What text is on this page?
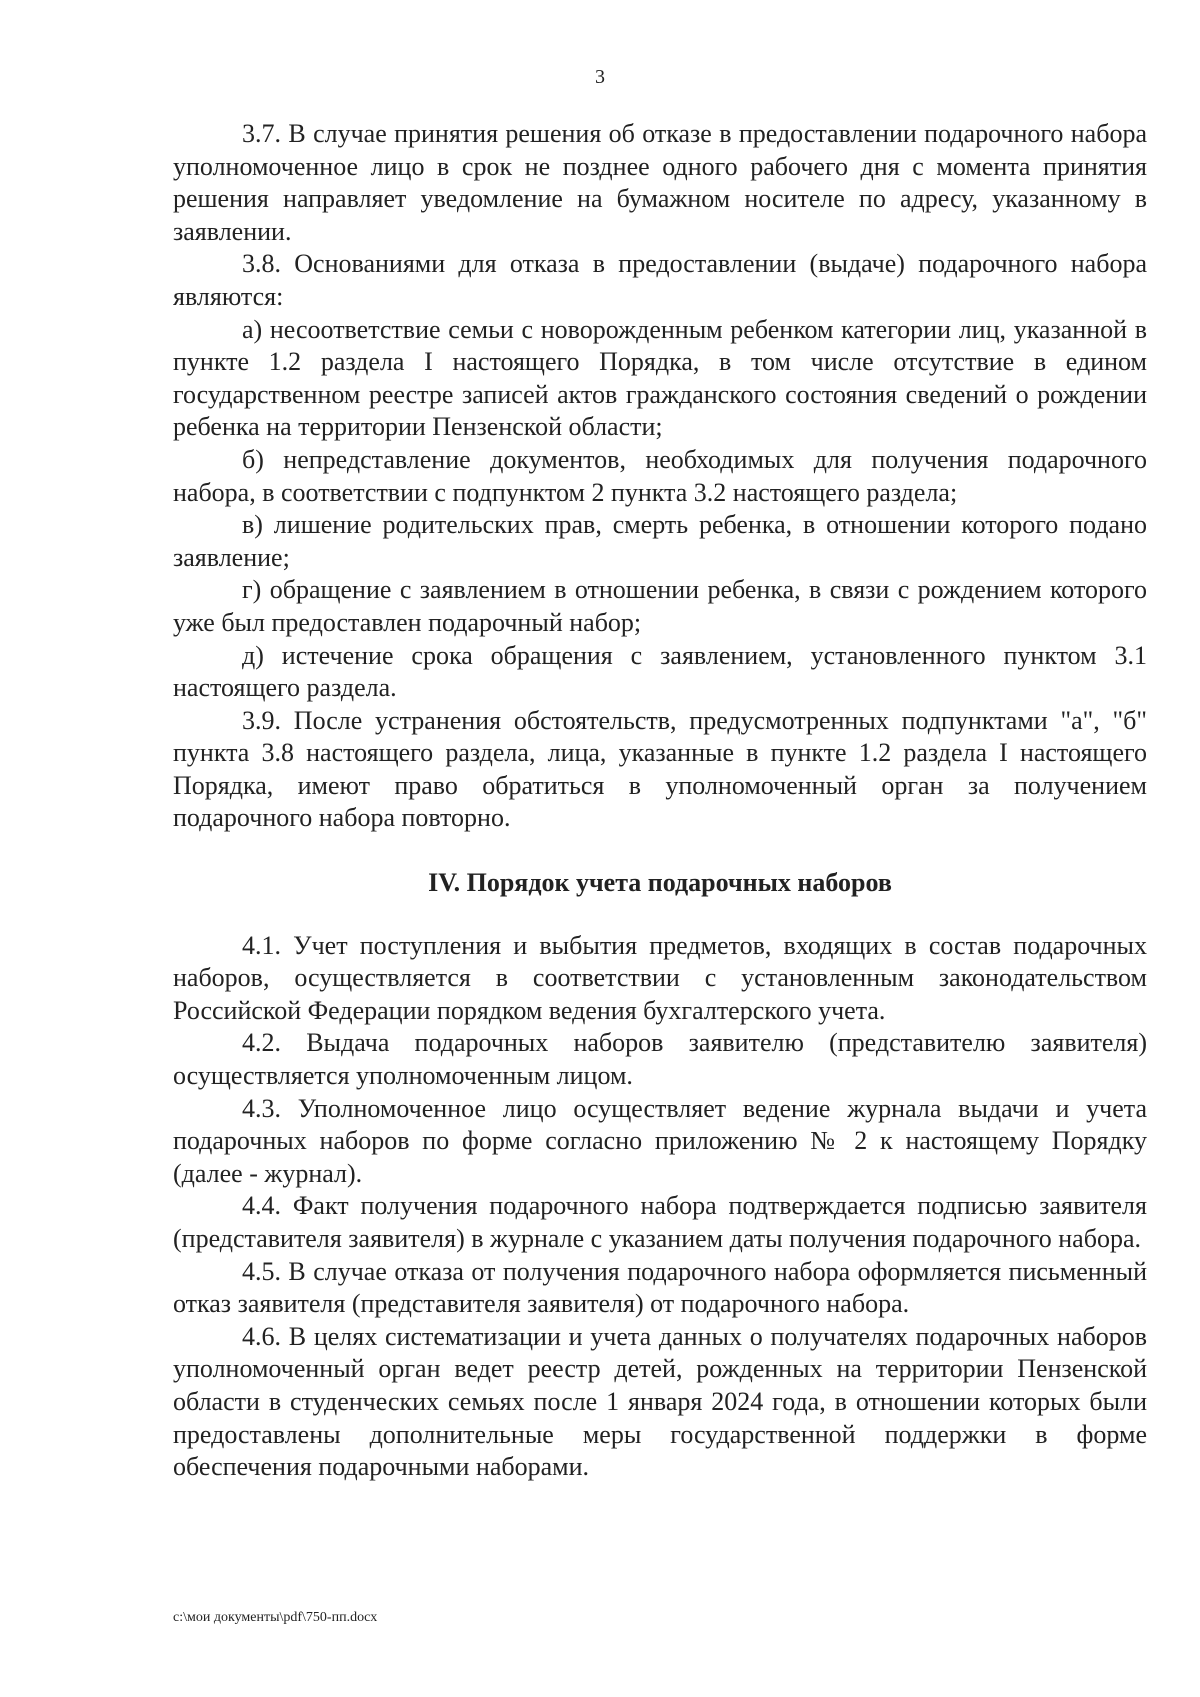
3

3.7. В случае принятия решения об отказе в предоставлении подарочного набора уполномоченное лицо в срок не позднее одного рабочего дня с момента принятия решения направляет уведомление на бумажном носителе по адресу, указанному в заявлении.

3.8. Основаниями для отказа в предоставлении (выдаче) подарочного набора являются:

а) несоответствие семьи с новорожденным ребенком категории лиц, указанной в пункте 1.2 раздела I настоящего Порядка, в том числе отсутствие в едином государственном реестре записей актов гражданского состояния сведений о рождении ребенка на территории Пензенской области;

б) непредставление документов, необходимых для получения подарочного набора, в соответствии с подпунктом 2 пункта 3.2 настоящего раздела;

в) лишение родительских прав, смерть ребенка, в отношении которого подано заявление;

г) обращение с заявлением в отношении ребенка, в связи с рождением которого уже был предоставлен подарочный набор;

д) истечение срока обращения с заявлением, установленного пунктом 3.1 настоящего раздела.

3.9. После устранения обстоятельств, предусмотренных подпунктами "а", "б" пункта 3.8 настоящего раздела, лица, указанные в пункте 1.2 раздела I настоящего Порядка, имеют право обратиться в уполномоченный орган за получением подарочного набора повторно.

IV. Порядок учета подарочных наборов

4.1. Учет поступления и выбытия предметов, входящих в состав подарочных наборов, осуществляется в соответствии с установленным законодательством Российской Федерации порядком ведения бухгалтерского учета.

4.2. Выдача подарочных наборов заявителю (представителю заявителя) осуществляется уполномоченным лицом.

4.3. Уполномоченное лицо осуществляет ведение журнала выдачи и учета подарочных наборов по форме согласно приложению № 2 к настоящему Порядку (далее - журнал).

4.4. Факт получения подарочного набора подтверждается подписью заявителя (представителя заявителя) в журнале с указанием даты получения подарочного набора.

4.5. В случае отказа от получения подарочного набора оформляется письменный отказ заявителя (представителя заявителя) от подарочного набора.

4.6. В целях систематизации и учета данных о получателях подарочных наборов уполномоченный орган ведет реестр детей, рожденных на территории Пензенской области в студенческих семьях после 1 января 2024 года, в отношении которых были предоставлены дополнительные меры государственной поддержки в форме обеспечения подарочными наборами.

c:\мои документы\pdf\750-пп.docx
